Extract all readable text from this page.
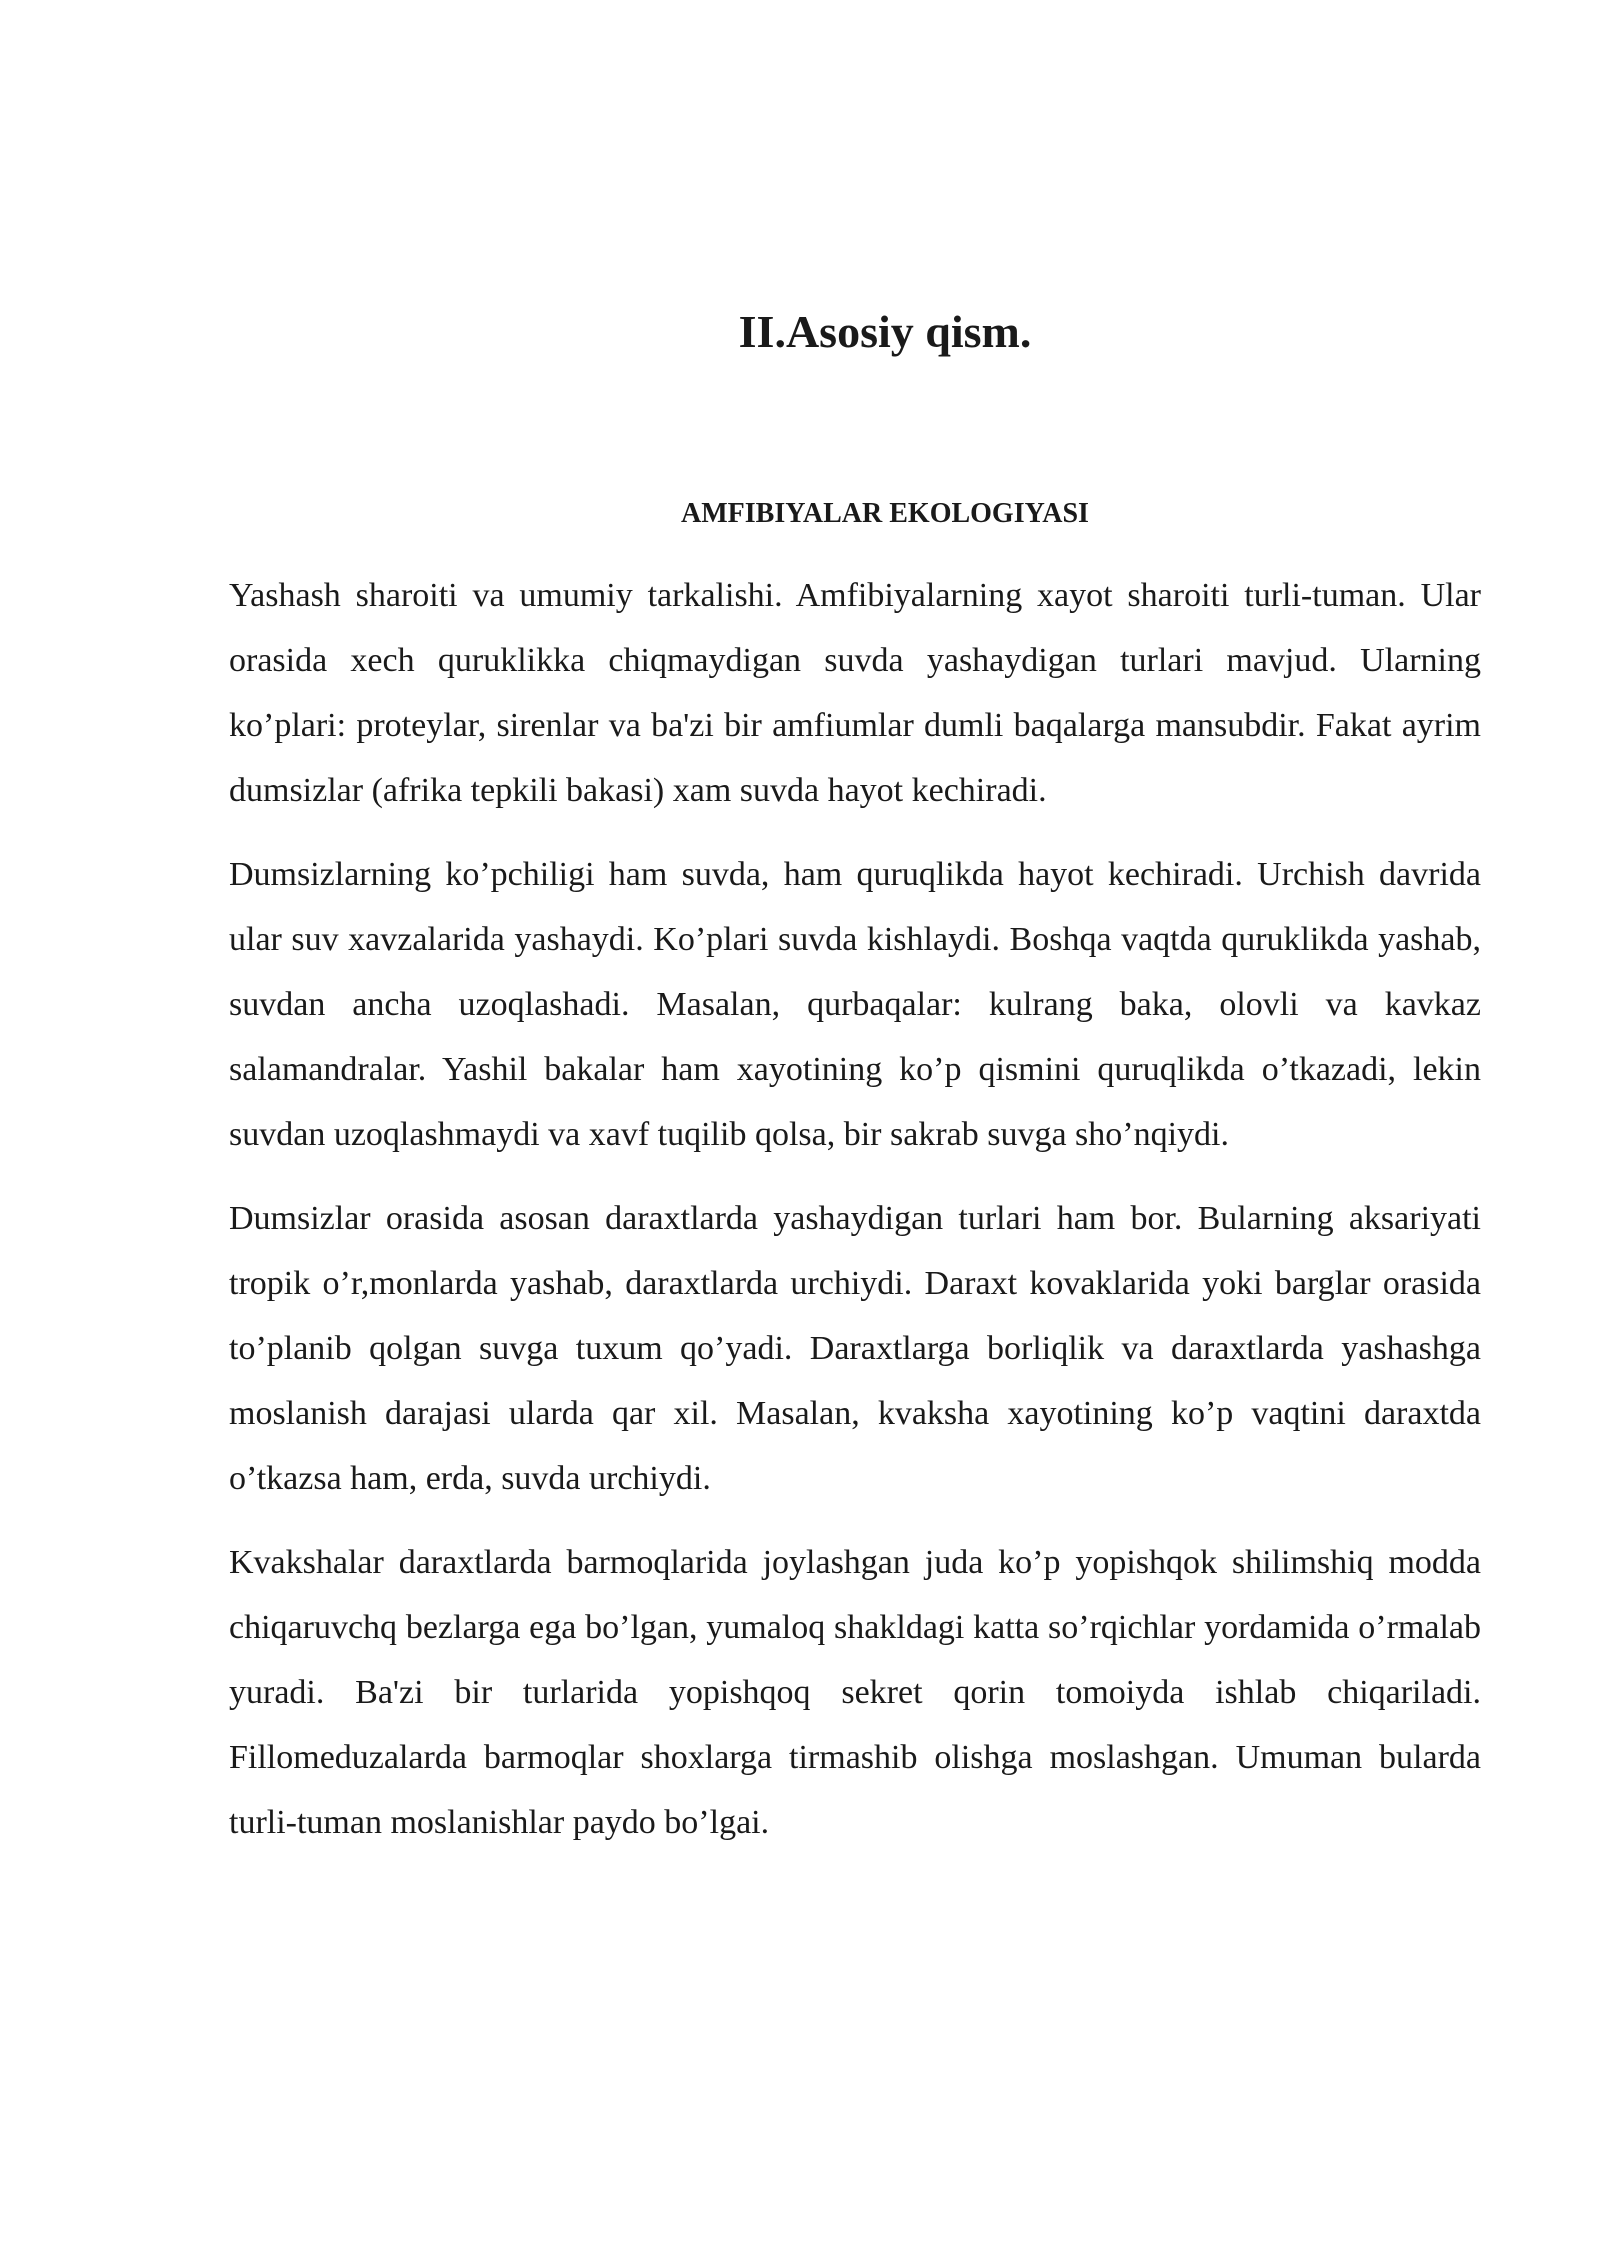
II.Asosiy qism.
AMFIBIYALAR EKOLOGIYASI

Yashash sharoiti va umumiy tarkalishi. Amfibiyalarning xayot sharoiti turli-tuman. Ular orasida xech quruklikka chiqmaydigan suvda yashaydigan turlari mavjud. Ularning ko’plari: proteylar, sirenlar va ba'zi bir amfiumlar dumli baqalarga mansubdir. Fakat ayrim dumsizlar (afrika tepkili bakasi) xam suvda hayot kechiradi.

Dumsizlarning ko’pchiligi ham suvda, ham quruqlikda hayot kechiradi. Urchish davrida ular suv xavzalarida yashaydi. Ko’plari suvda kishlaydi. Boshqa vaqtda quruklikda yashab, suvdan ancha uzoqlashadi. Masalan, qurbaqalar: kulrang baka, olovli va kavkaz salamandralar. Yashil bakalar ham xayotining ko’p qismini quruqlikda o’tkazadi, lekin suvdan uzoqlashmaydi va xavf tuqilib qolsa, bir sakrab suvga sho’nqiydi.

Dumsizlar orasida asosan daraxtlarda yashaydigan turlari ham bor. Bularning aksariyati tropik o’r,monlarda yashab, daraxtlarda urchiydi. Daraxt kovaklarida yoki barglar orasida to’planib qolgan suvga tuxum qo’yadi. Daraxtlarga borliqlik va daraxtlarda yashashga moslanish darajasi ularda qar xil. Masalan, kvaksha xayotining ko’p vaqtini daraxtda o’tkazsa ham, erda, suvda urchiydi.

Kvakshalar daraxtlarda barmoqlarida joylashgan juda ko’p yopishqok shilimshiq modda chiqaruvchq bezlarga ega bo’lgan, yumaloq shakldagi katta so’rqichlar yordamida o’rmalab yuradi. Ba'zi bir turlarida yopishqoq sekret qorin tomoiyda ishlab chiqariladi. Fillomeduzalarda barmoqlar shoxlarga tirmashib olishga moslashgan. Umuman bularda turli-tuman moslanishlar paydo bo’lgai.
